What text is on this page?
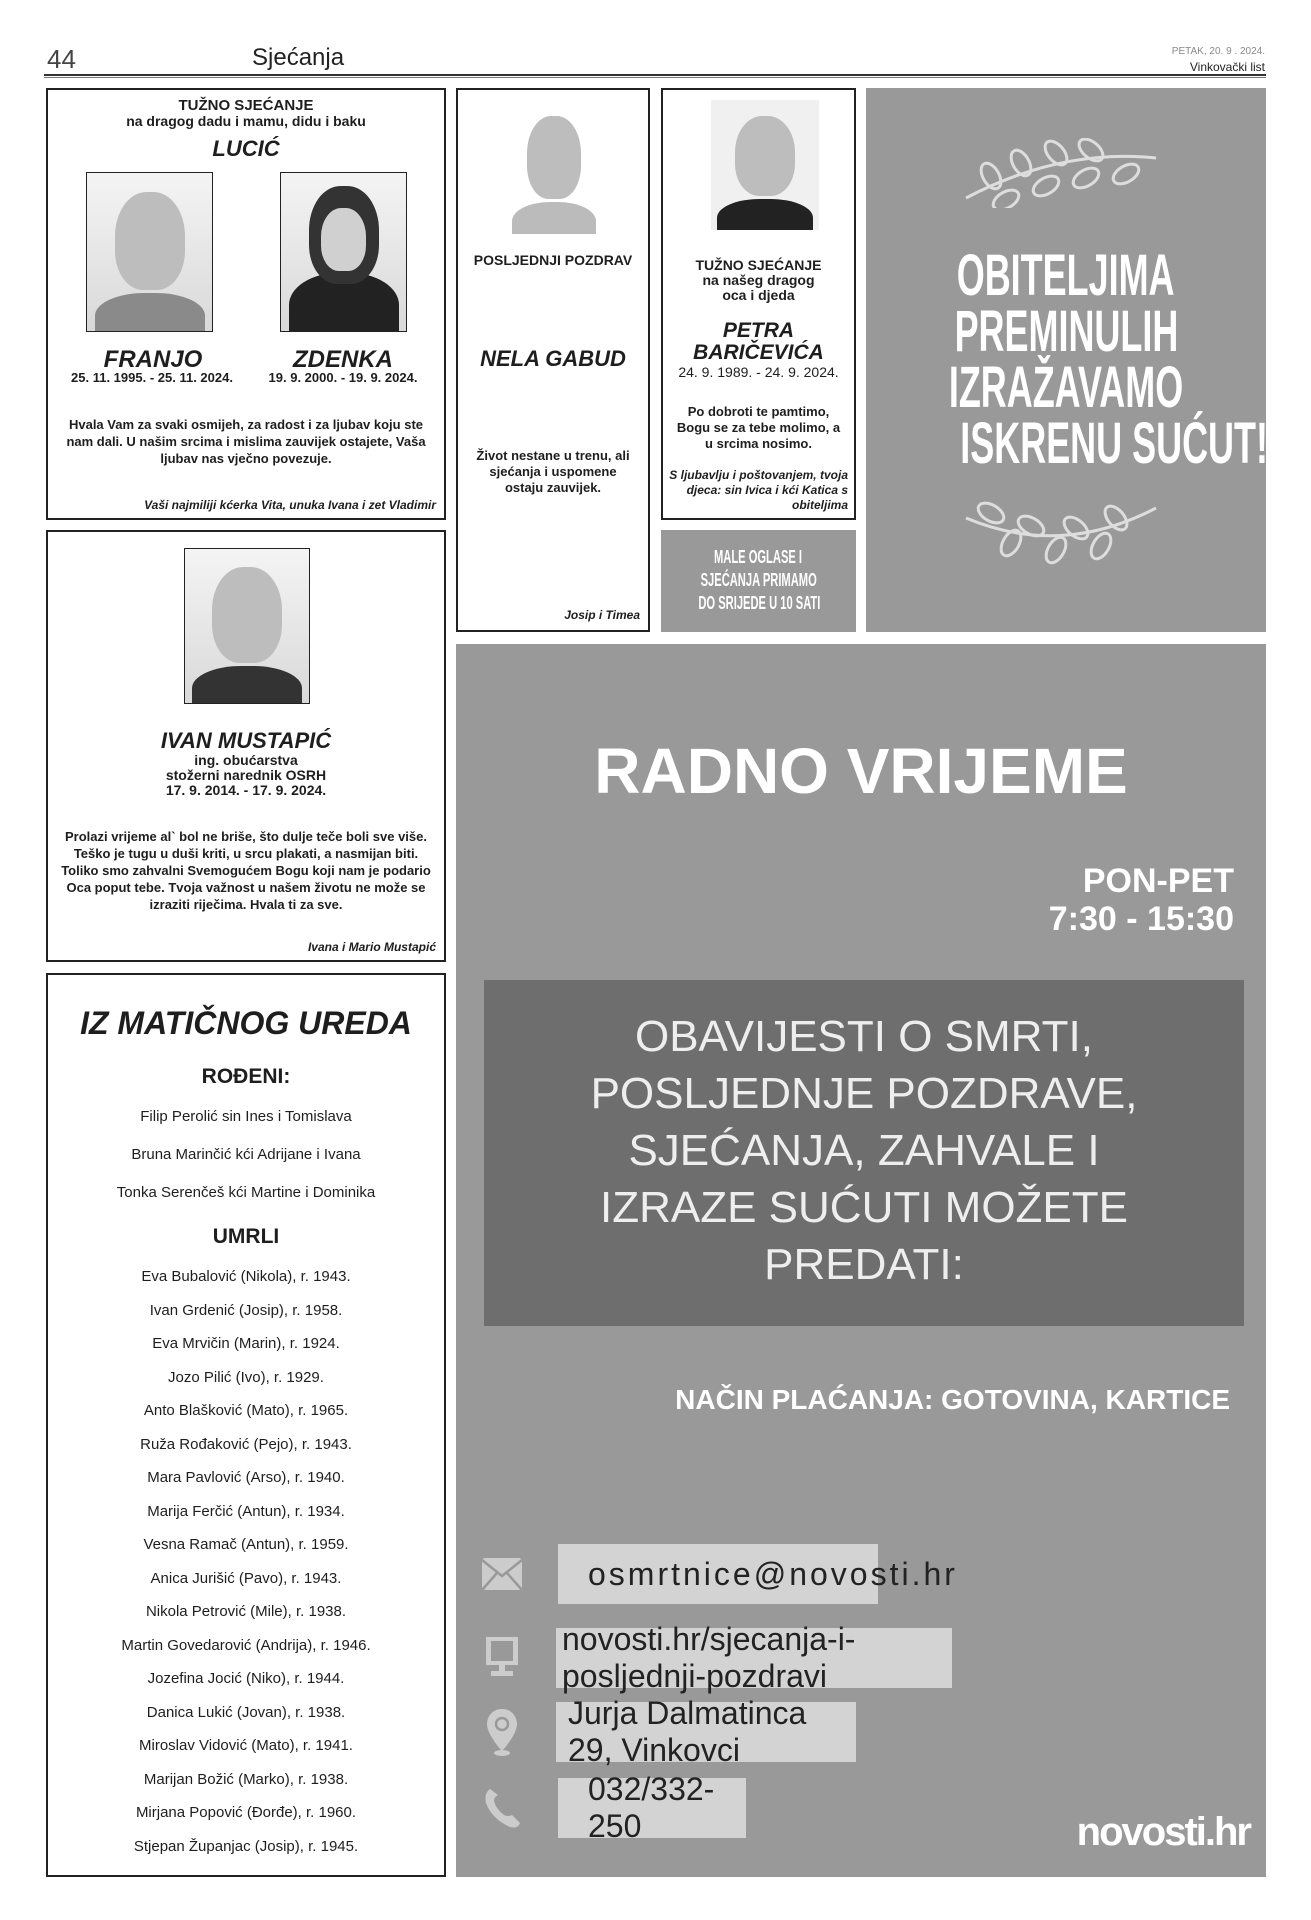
44	Sjećanja	PETAK, 20. 9 . 2024.
Vinkovački list
TUŽNO SJEĆANJE
na dragog dadu i mamu, didu i baku
LUCIĆ
FRANJO
25. 11. 1995. - 25. 11. 2024.
ZDENKA
19. 9. 2000. - 19. 9. 2024.
Hvala Vam za svaki osmijeh, za radost i za ljubav koju ste nam dali. U našim srcima i mislima zauvijek ostajete, Vaša ljubav nas vječno povezuje.
Vaši najmiliji kćerka Vita, unuka Ivana i zet Vladimir
IVAN MUSTAPIĆ
ing. obućarstva
stožerni narednik OSRH
17. 9. 2014. - 17. 9. 2024.
Prolazi vrijeme al` bol ne briše, što dulje teče boli sve više. Teško je tugu u duši kriti, u srcu plakati, a nasmijan biti. Toliko smo zahvalni Svemogućem Bogu koji nam je podario Oca poput tebe. Tvoja važnost u našem životu ne može se izraziti riječima. Hvala ti za sve.
Ivana i Mario Mustapić
IZ MATIČNOG UREDA
ROĐENI:
Filip Perolić sin Ines i Tomislava
Bruna Marinčić kći Adrijane i Ivana
Tonka Serenčeš kći Martine i Dominika
UMRLI
Eva Bubalović (Nikola), r. 1943.
Ivan Grdenić (Josip), r. 1958.
Eva Mrvičin (Marin), r. 1924.
Jozo Pilić (Ivo), r. 1929.
Anto Blašković (Mato), r. 1965.
Ruža Rođaković (Pejo), r. 1943.
Mara Pavlović (Arso), r. 1940.
Marija Ferčić (Antun), r. 1934.
Vesna Ramač (Antun), r. 1959.
Anica Jurišić (Pavo), r. 1943.
Nikola Petrović (Mile), r. 1938.
Martin Govedarović (Andrija), r. 1946.
Jozefina Jocić (Niko), r. 1944.
Danica Lukić (Jovan), r. 1938.
Miroslav Vidović (Mato), r. 1941.
Marijan Božić (Marko), r. 1938.
Mirjana Popović (Đorđe), r. 1960.
Stjepan Županjac (Josip), r. 1945.
POSLJEDNJI POZDRAV
NELA GABUD
Život nestane u trenu, ali sjećanja i uspomene ostaju zauvijek.
Josip i Timea
TUŽNO SJEĆANJE
na našeg dragog
oca i djeda
PETRA
BARIČEVIĆA
24. 9. 1989. - 24. 9. 2024.
Po dobroti te pamtimo, Bogu se za tebe molimo, a u srcima nosimo.
S ljubavlju i poštovanjem, tvoja djeca: sin Ivica i kći Katica s obiteljima
MALE OGLASE I
SJEĆANJA PRIMAMO
DO SRIJEDE U 10 SATI
OBITELJIMA
PREMINULIH
IZRAŽAVAMO
ISKRENU SUĆUT!
RADNO VRIJEME
PON-PET
7:30 - 15:30
OBAVIJESTI O SMRTI,
POSLJEDNJE POZDRAVE,
SJEĆANJA, ZAHVALE I
IZRAZE SUĆUTI MOŽETE
PREDATI:
NAČIN PLAĆANJA: GOTOVINA, KARTICE
osmrtnice@novosti.hr
novosti.hr/sjecanja-i-posljednji-pozdravi
Jurja Dalmatinca 29, Vinkovci
032/332-250	novosti.hr
